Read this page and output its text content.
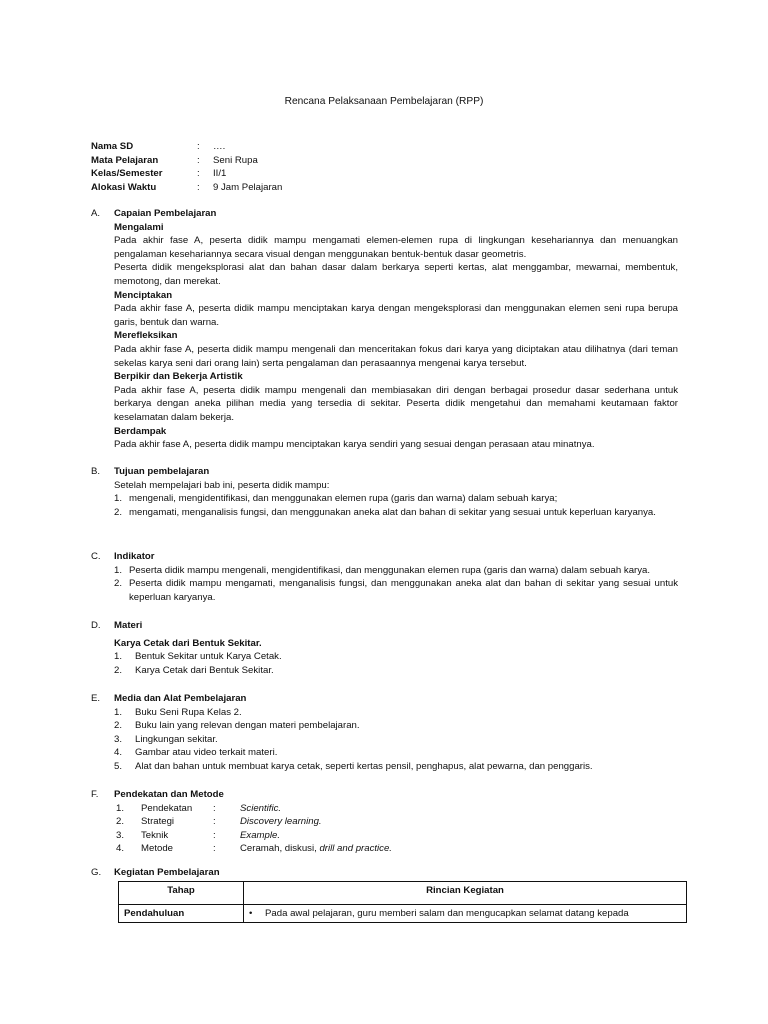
Rencana Pelaksanaan Pembelajaran (RPP)
Nama SD	:	….
Mata Pelajaran	:	Seni Rupa
Kelas/Semester	:	II/1
Alokasi Waktu	:	9 Jam Pelajaran
A.	Capaian Pembelajaran
Mengalami
Pada akhir fase A, peserta didik mampu mengamati elemen-elemen rupa di lingkungan kesehariannya dan menuangkan pengalaman kesehariannya secara visual dengan menggunakan bentuk-bentuk dasar geometris.
Peserta didik mengeksplorasi alat dan bahan dasar dalam berkarya seperti kertas, alat menggambar, mewarnai, membentuk, memotong, dan merekat.
Menciptakan
Pada akhir fase A, peserta didik mampu menciptakan karya dengan mengeksplorasi dan menggunakan elemen seni rupa berupa garis, bentuk dan warna.
Merefleksikan
Pada akhir fase A, peserta didik mampu mengenali dan menceritakan fokus dari karya yang diciptakan atau dilihatnya (dari teman sekelas karya seni dari orang lain) serta pengalaman dan perasaannya mengenai karya tersebut.
Berpikir dan Bekerja Artistik
Pada akhir fase A, peserta didik mampu mengenali dan membiasakan diri dengan berbagai prosedur dasar sederhana untuk berkarya dengan aneka pilihan media yang tersedia di sekitar. Peserta didik mengetahui dan memahami keutamaan faktor keselamatan dalam bekerja.
Berdampak
Pada akhir fase A, peserta didik mampu menciptakan karya sendiri yang sesuai dengan perasaan atau minatnya.
B.	Tujuan pembelajaran
Setelah mempelajari bab ini, peserta didik mampu:
1. mengenali, mengidentifikasi, dan menggunakan elemen rupa (garis dan warna) dalam sebuah karya;
2. mengamati, menganalisis fungsi, dan menggunakan aneka alat dan bahan di sekitar yang sesuai untuk keperluan karyanya.
C.	Indikator
1. Peserta didik mampu mengenali, mengidentifikasi, dan menggunakan elemen rupa (garis dan warna) dalam sebuah karya.
2. Peserta didik mampu mengamati, menganalisis fungsi, dan menggunakan aneka alat dan bahan di sekitar yang sesuai untuk keperluan karyanya.
D.	Materi
Karya Cetak dari Bentuk Sekitar.
1.	Bentuk Sekitar untuk Karya Cetak.
2.	Karya Cetak dari Bentuk Sekitar.
E.	Media dan Alat Pembelajaran
1.	Buku Seni Rupa Kelas 2.
2.	Buku lain yang relevan dengan materi pembelajaran.
3.	Lingkungan sekitar.
4.	Gambar atau video terkait materi.
5.	Alat dan bahan untuk membuat karya cetak, seperti kertas pensil, penghapus, alat pewarna, dan penggaris.
F.	Pendekatan dan Metode
1.	Pendekatan	:	Scientific.
2.	Strategi	:	Discovery learning.
3.	Teknik	:	Example.
4.	Metode	:	Ceramah, diskusi, drill and practice.
G.	Kegiatan Pembelajaran
Tahap	Rincian Kegiatan
Pendahuluan	• Pada awal pelajaran, guru memberi salam dan mengucapkan selamat datang kepada
